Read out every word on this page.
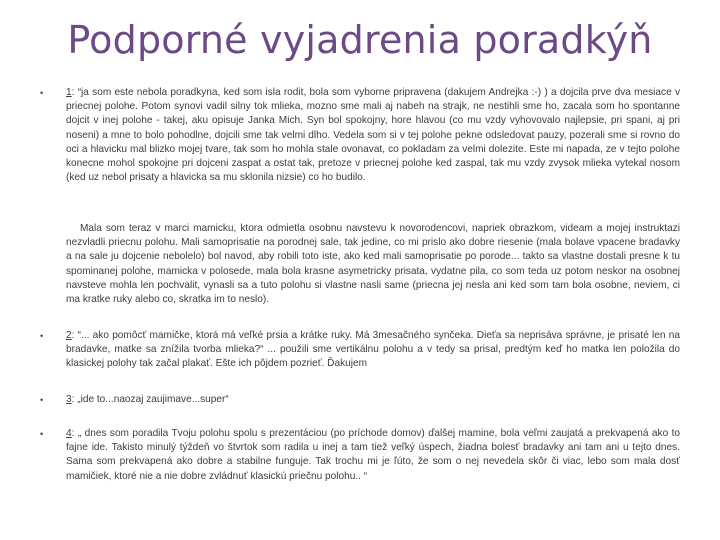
Podporné vyjadrenia poradkýň
• 1: “ja som este nebola poradkyna, ked som isla rodit, bola som vyborne pripravena (dakujem Andrejka :-) ) a dojcila prve dva mesiace v priecnej polohe. Potom synovi vadil silny tok mlieka, mozno sme mali aj nabeh na strajk, ne nestihli sme ho, zacala som ho spontanne dojcit v inej polohe - takej, aku opisuje Janka Mich. Syn bol spokojny, hore hlavou (co mu vzdy vyhovovalo najlepsie, pri spani, aj pri noseni) a mne to bolo pohodlne, dojcili sme tak velmi dlho. Vedela som si v tej polohe pekne odsledovat pauzy, pozerali sme si rovno do oci a hlavicku mal blizko mojej tvare, tak som ho mohla stale ovonavat, co pokladam za velmi dolezite. Este mi napada, ze v tejto polohe konecne mohol spokojne pri dojceni zaspat a ostat tak, pretoze v priecnej polohe ked zaspal, tak mu vzdy zvysok mlieka vytekal nosom (ked uz nebol prisaty a hlavicka sa mu sklonila nizsie) co ho budilo.
Mala som teraz v marci mamicku, ktora odmietla osobnu navstevu k novorodencovi, napriek obrazkom, videam a mojej instruktazi nezvladli priecnu polohu. Mali samoprisatie na porodnej sale, tak jedine, co mi prislo ako dobre riesenie (mala bolave vpacene bradavky a na sale ju dojcenie nebolelo) bol navod, aby robili toto iste, ako ked mali samoprisatie po porode... takto sa vlastne dostali presne k tu spominanej polohe, mamicka v polosede, mala bola krasne asymetricky prisata, vydatne pila, co som teda uz potom neskor na osobnej navsteve mohla len pochvalit, vynasli sa a tuto polohu si vlastne nasli same (priecna jej nesla ani ked som tam bola osobne, neviem, ci ma kratke ruky alebo co, skratka im to neslo).
• 2: “... ako pomôcť mamičke, ktorá má veľké prsia a krátke ruky. Má 3mesačného synčeka. Dieťa sa neprisáva správne, je prisaté len na bradavke, matke sa znížila tvorba mlieka?“ ... použili sme vertikálnu polohu a v tedy sa prisal, predtým keď ho matka len položila do klasickej polohy tak začal plakať. Ešte ich pôjdem pozrieť. Ďakujem
• 3: „ide to...naozaj zaujimave...super“
• 4: „ dnes som poradila Tvoju polohu spolu s prezentáciou (po príchode domov) ďalšej mamine, bola veľmi zaujatá a prekvapená ako to fajne ide. Takisto minulý týždeň vo štvrtok som radila u inej a tam tiež veľký úspech, žiadna bolesť bradavky ani tam ani u tejto dnes. Sama som prekvapená ako dobre a stabilne funguje. Tak trochu mi je ľúto, že som o nej nevedela skôr či viac, lebo som mala dosť mamičiek, ktoré nie a nie dobre zvládnuť klasickú priečnu polohu.. “
